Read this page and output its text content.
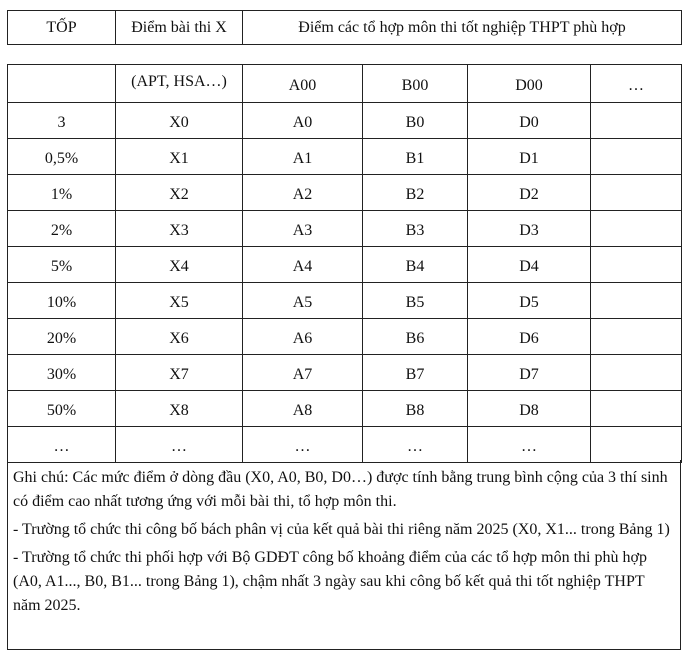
TỐP	Điểm bài thi X	Điểm các tổ hợp môn thi tốt nghiệp THPT phù hợp
	(APT, HSA…)	A00	B00	D00	…
3	X0	A0	B0	D0	
0,5%	X1	A1	B1	D1	
1%	X2	A2	B2	D2	
2%	X3	A3	B3	D3	
5%	X4	A4	B4	D4	
10%	X5	A5	B5	D5	
20%	X6	A6	B6	D6	
30%	X7	A7	B7	D7	
50%	X8	A8	B8	D8	
…	…	…	…	…	

Ghi chú: Các mức điểm ở dòng đầu (X0, A0, B0, D0…) được tính bằng trung bình cộng của 3 thí sinh có điểm cao nhất tương ứng với mỗi bài thi, tổ hợp môn thi.

- Trường tổ chức thi công bố bách phân vị của kết quả bài thi riêng năm 2025 (X0, X1... trong Bảng 1)

- Trường tổ chức thi phối hợp với Bộ GDĐT công bố khoảng điểm của các tổ hợp môn thi phù hợp (A0, A1..., B0, B1... trong Bảng 1), chậm nhất 3 ngày sau khi công bố kết quả thi tốt nghiệp THPT năm 2025.
